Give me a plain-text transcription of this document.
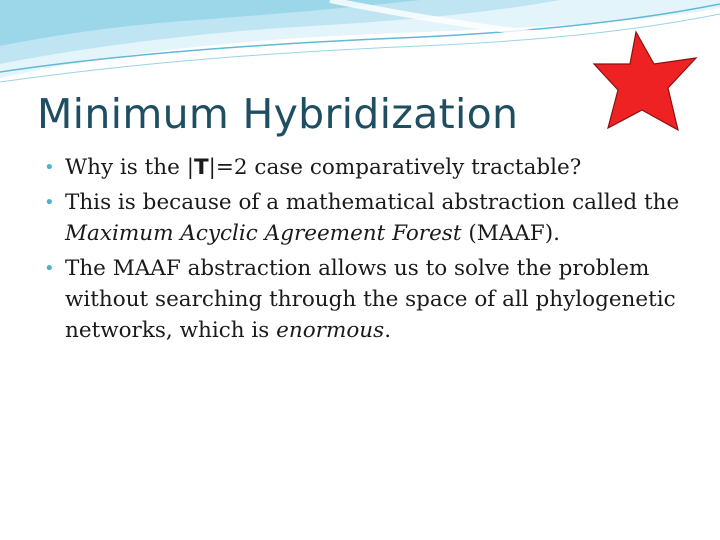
Minimum Hybridization
• Why is the |T|=2 case comparatively tractable?
• This is because of a mathematical abstraction called the Maximum Acyclic Agreement Forest (MAAF).
• The MAAF abstraction allows us to solve the problem without searching through the space of all phylogenetic networks, which is enormous.
